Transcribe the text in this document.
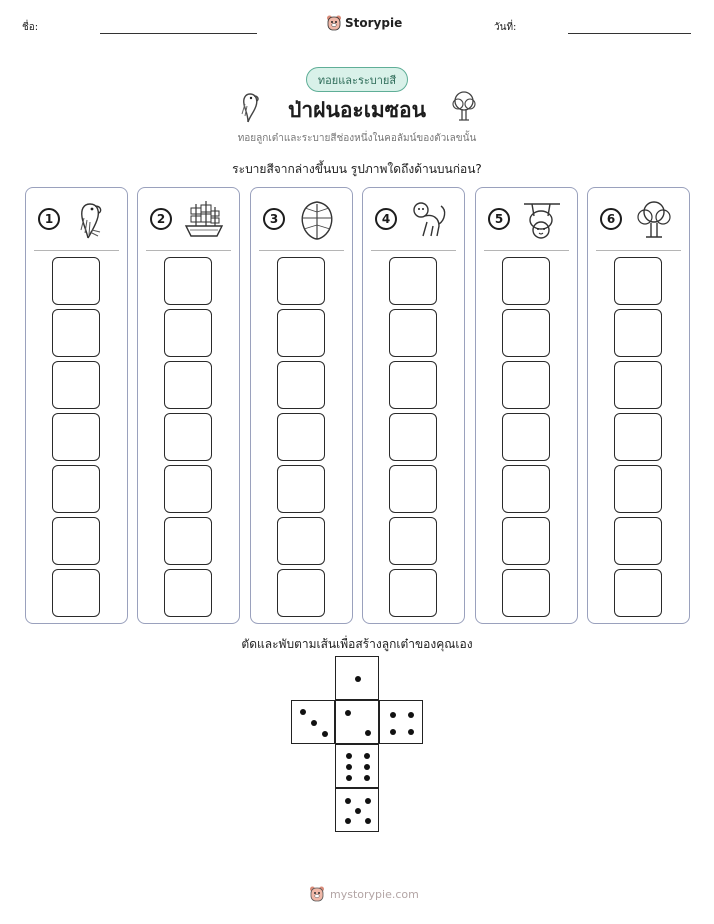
ชื่อ:	วันที่:
Storypie
ทอยและระบายสี
ป่าฝนอะเมซอน
ทอยลูกเต๋าและระบายสีช่องหนึ่งในคอลัมน์ของตัวเลขนั้น
ระบายสีจากล่างขึ้นบน รูปภาพใดถึงด้านบนก่อน?
1	2	3	4	5	6
ตัดและพับตามเส้นเพื่อสร้างลูกเต๋าของคุณเอง
mystorypie.com
